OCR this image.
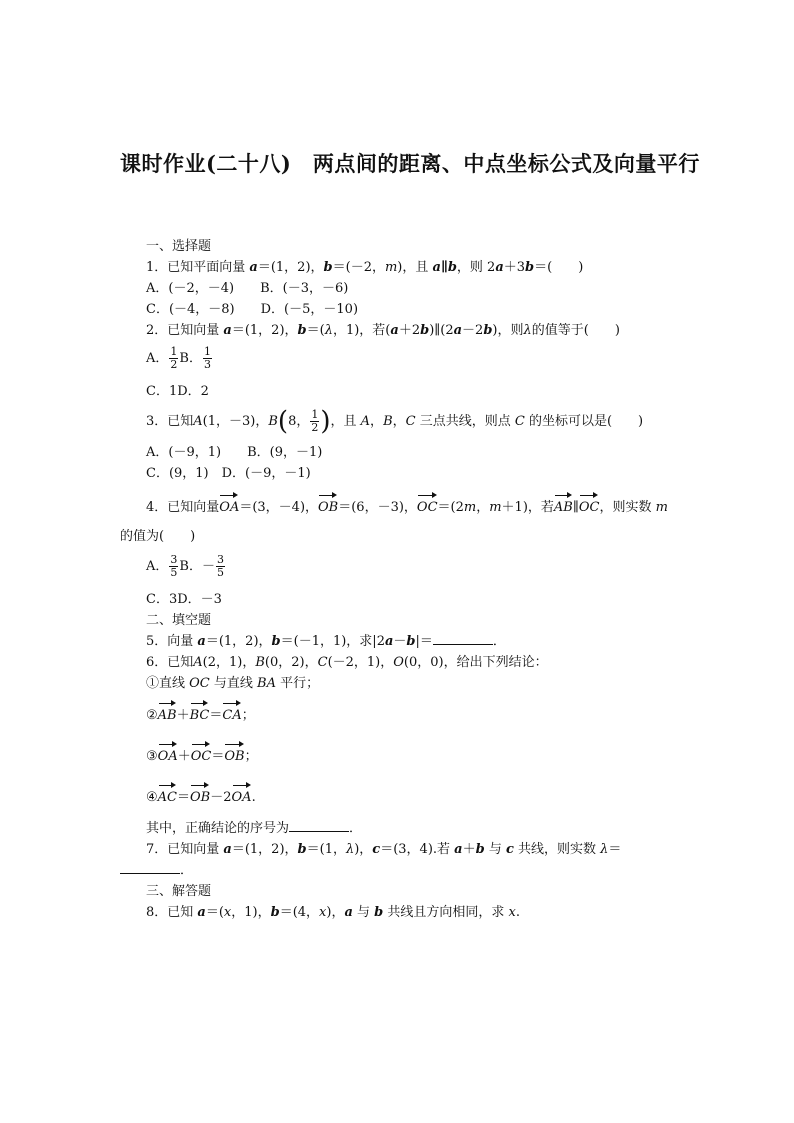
课时作业(二十八)　两点间的距离、中点坐标公式及向量平行
一、选择题
1．已知平面向量 a＝(1，2)，b＝(－2，m)，且 a∥b，则 2a＋3b＝(　　)
A．(－2，－4)　　B．(－3，－6)
C．(－4，－8)　　D．(－5，－10)
2．已知向量 a＝(1，2)，b＝(λ，1)，若(a＋2b)∥(2a－2b)，则λ的值等于(　　)
A． $\frac{1}{2}$ B． $\frac{1}{3}$
C．1D．2
3．已知A(1，－3)，B(8， $\frac{1}{2}$ )，且 A，B，C 三点共线，则点 C 的坐标可以是(　　)
A．(－9，1)　　B．(9，－1)
C．(9，1)　D．(－9，－1)
4．已知向量OA＝(3，－4)，OB＝(6，－3)，OC＝(2m，m＋1)，若AB∥OC，则实数 m
的值为(　　)
A． $\frac{3}{5}$ B．－ $\frac{3}{5}$
C．3D．－3
二、填空题
5．向量 a＝(1，2)，b＝(－1，1)，求|2a－b|＝	．
6．已知A(2，1)，B(0，2)，C(－2，1)，O(0，0)，给出下列结论：
①直线 OC 与直线 BA 平行；
②AB＋BC＝CA；
③OA＋OC＝OB；
④AC＝OB－2OA.
其中，正确结论的序号为	．
7．已知向量 a＝(1，2)，b＝(1，λ)，c＝(3，4).若 a＋b 与 c 共线，则实数 λ＝
．
三、解答题
8．已知 a＝(x，1)，b＝(4，x)，a 与 b 共线且方向相同，求 x.
